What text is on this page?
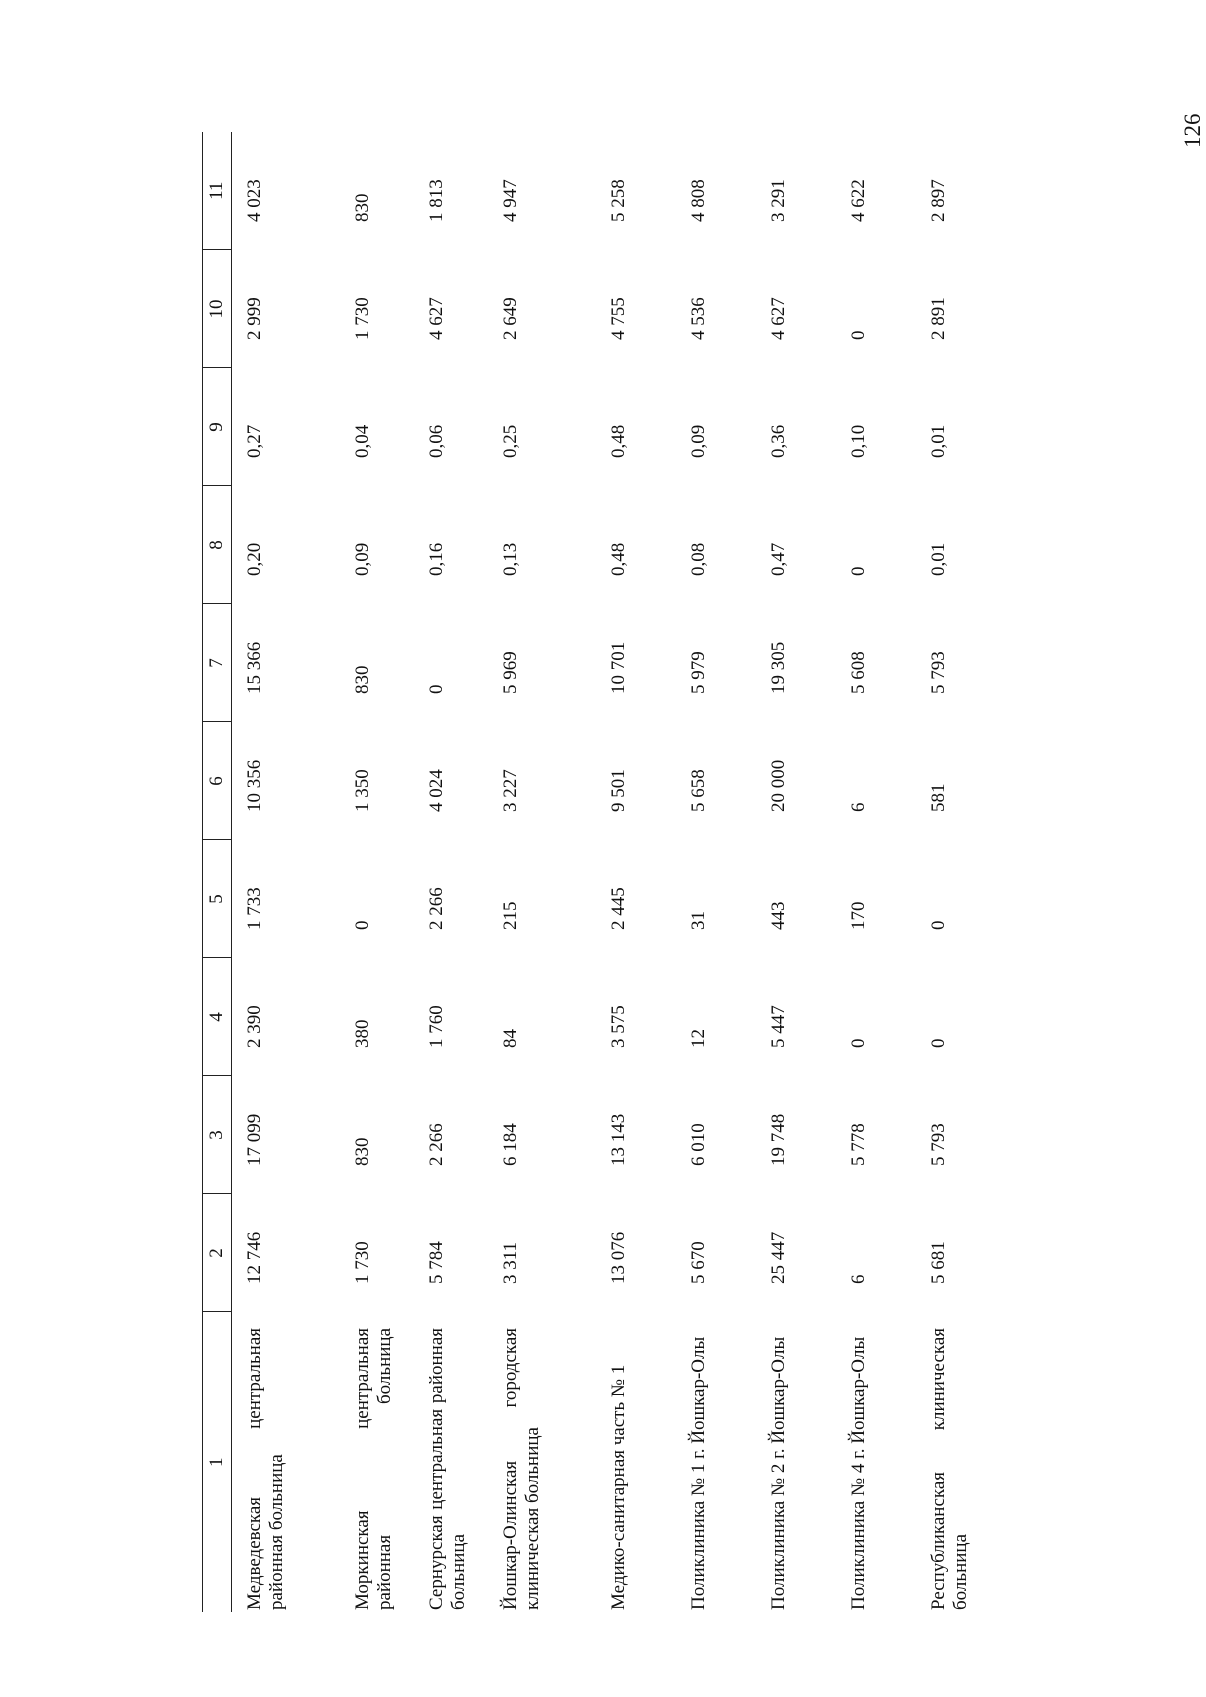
126
1	2	3	4	5	6	7	8	9	10	11
Медведевская центральная районная больница	12 746	17 099	2 390	1 733	10 356	15 366	0,20	0,27	2 999	4 023
Моркинская центральная районная больница	1 730	830	380	0	1 350	830	0,09	0,04	1 730	830
Сернурская центральная районная больница	5 784	2 266	1 760	2 266	4 024	0	0,16	0,06	4 627	1 813
Йошкар-Олинская городская клиническая больница	3 311	6 184	84	215	3 227	5 969	0,13	0,25	2 649	4 947
Медико-санитарная часть № 1	13 076	13 143	3 575	2 445	9 501	10 701	0,48	0,48	4 755	5 258
Поликлиника № 1 г. Йошкар-Олы	5 670	6 010	12	31	5 658	5 979	0,08	0,09	4 536	4 808
Поликлиника № 2 г. Йошкар-Олы	25 447	19 748	5 447	443	20 000	19 305	0,47	0,36	4 627	3 291
Поликлиника № 4 г. Йошкар-Олы	6	5 778	0	170	6	5 608	0	0,10	0	4 622
Республиканская клиническая больница	5 681	5 793	0	0	581	5 793	0,01	0,01	2 891	2 897
